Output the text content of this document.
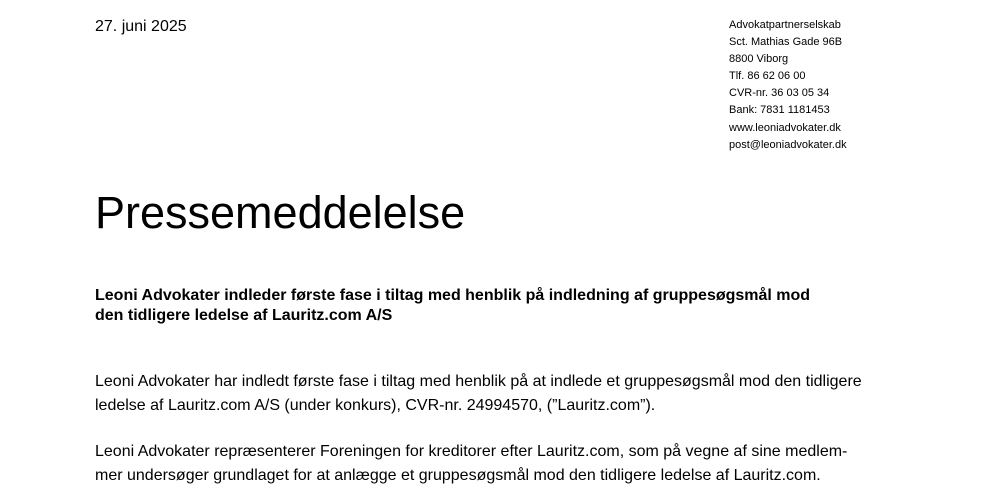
27. juni 2025	Advokatpartnerselskab
Sct. Mathias Gade 96B
8800 Viborg
Tlf. 86 62 06 00
CVR-nr. 36 03 05 34
Bank: 7831 1181453
www.leoniadvokater.dk
post@leoniadvokater.dk
Pressemeddelelse
Leoni Advokater indleder første fase i tiltag med henblik på indledning af gruppesøgsmål mod
den tidligere ledelse af Lauritz.com A/S

Leoni Advokater har indledt første fase i tiltag med henblik på at indlede et gruppesøgsmål mod den tidligere
ledelse af Lauritz.com A/S (under konkurs), CVR-nr. 24994570, (”Lauritz.com”).

Leoni Advokater repræsenterer Foreningen for kreditorer efter Lauritz.com, som på vegne af sine medlem-
mer undersøger grundlaget for at anlægge et gruppesøgsmål mod den tidligere ledelse af Lauritz.com.
